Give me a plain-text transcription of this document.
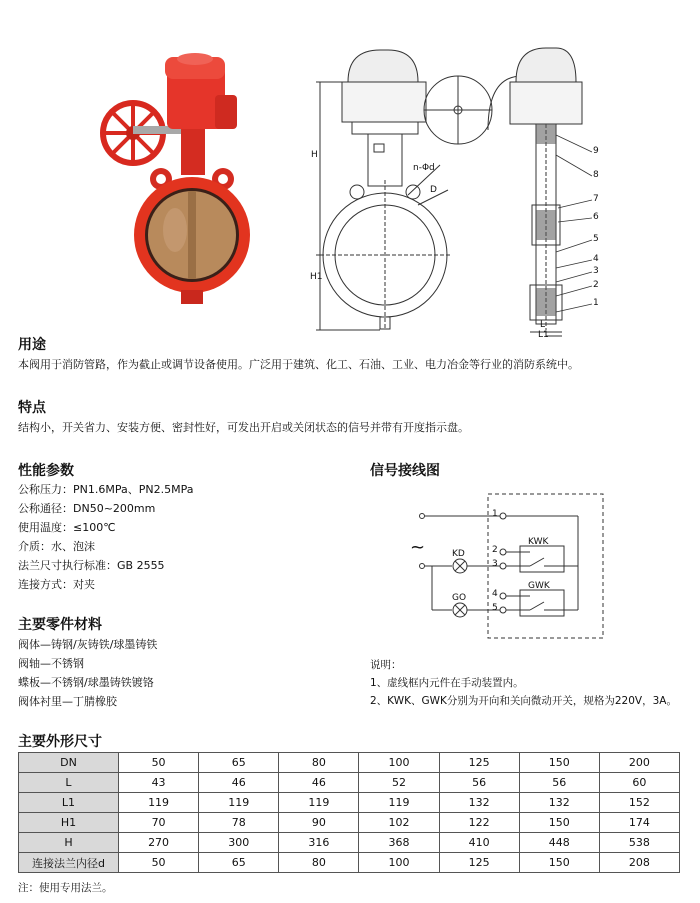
H
H1
n-Φd
D
L
L1
9
8
7
6
5
4
3
2
1
用途
本阀用于消防管路，作为截止或调节设备使用。广泛用于建筑、化工、石油、工业、电力冶金等行业的消防系统中。
特点
结构小，开关省力、安装方便、密封性好，可发出开启或关闭状态的信号并带有开度指示盘。
性能参数
公称压力：PN1.6MPa、PN2.5MPa
公称通径：DN50~200mm
使用温度：≤100℃
介质：水、泡沫
法兰尺寸执行标准：GB 2555
连接方式：对夹
主要零件材料
阀体—铸钢/灰铸铁/球墨铸铁
阀轴—不锈钢
蝶板—不锈钢/球墨铸铁镀铬
阀体衬里—丁腈橡胶
信号接线图
1
2
3
4
5
KD
GO
KWK
GWK
~
说明：
1、虚线框内元件在手动装置内。
2、KWK、GWK分别为开向和关向微动开关，规格为220V，3A。
主要外形尺寸
DN	50	65	80	100	125	150	200
L	43	46	46	52	56	56	60
L1	119	119	119	119	132	132	152
H1	70	78	90	102	122	150	174
H	270	300	316	368	410	448	538
连接法兰内径d	50	65	80	100	125	150	208
注：使用专用法兰。
